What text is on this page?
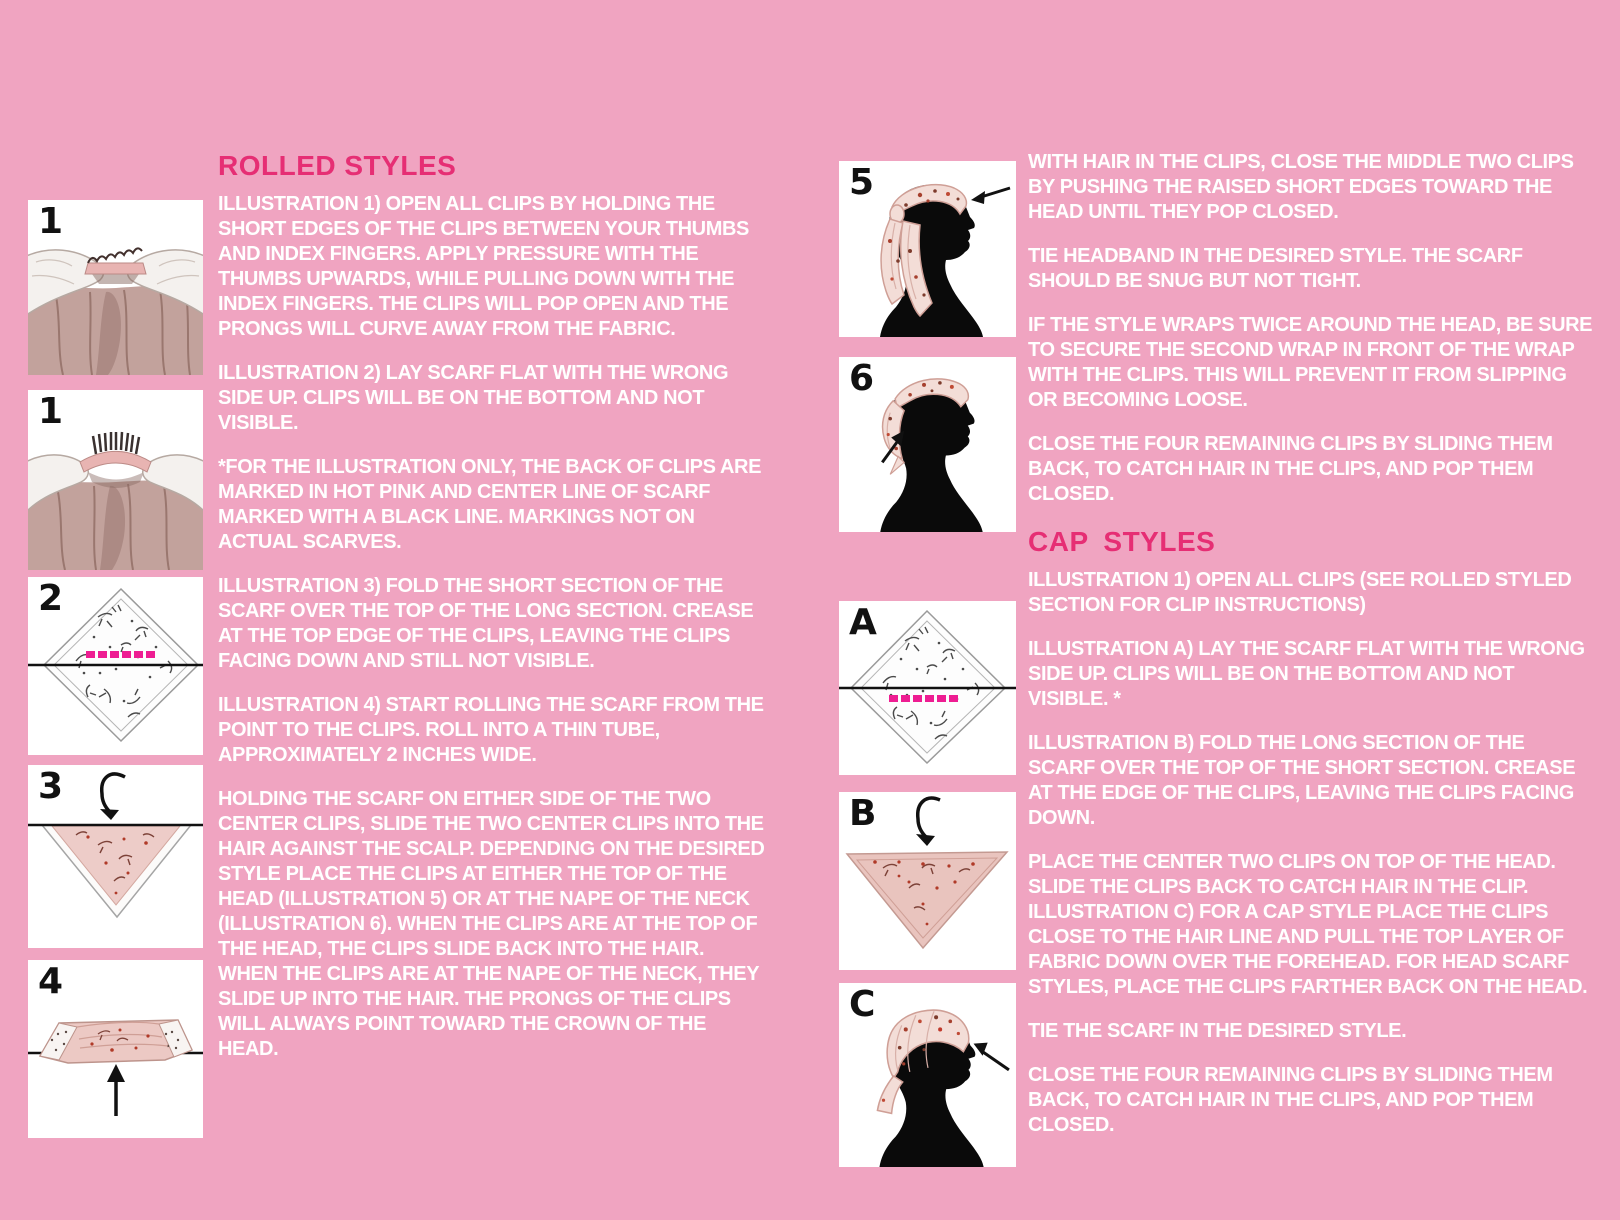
1
1
2
3
4
ROLLED STYLES

ILLUSTRATION 1) OPEN ALL CLIPS BY HOLDING THE SHORT EDGES OF THE CLIPS BETWEEN YOUR THUMBS AND INDEX FINGERS. APPLY PRESSURE WITH THE THUMBS UPWARDS, WHILE PULLING DOWN WITH THE INDEX FINGERS. THE CLIPS WILL POP OPEN AND THE PRONGS WILL CURVE AWAY FROM THE FABRIC.

ILLUSTRATION 2) LAY SCARF FLAT WITH THE WRONG SIDE UP. CLIPS WILL BE ON THE BOTTOM AND NOT VISIBLE.

*FOR THE ILLUSTRATION ONLY, THE BACK OF CLIPS ARE MARKED IN HOT PINK AND CENTER LINE OF SCARF MARKED WITH A BLACK LINE. MARKINGS NOT ON ACTUAL SCARVES.

ILLUSTRATION 3) FOLD THE SHORT SECTION OF THE SCARF OVER THE TOP OF THE LONG SECTION. CREASE AT THE TOP EDGE OF THE CLIPS, LEAVING THE CLIPS FACING DOWN AND STILL NOT VISIBLE.

ILLUSTRATION 4) START ROLLING THE SCARF FROM THE POINT TO THE CLIPS. ROLL INTO A THIN TUBE, APPROXIMATELY 2 INCHES WIDE.

HOLDING THE SCARF ON EITHER SIDE OF THE TWO CENTER CLIPS, SLIDE THE TWO CENTER CLIPS INTO THE HAIR AGAINST THE SCALP. DEPENDING ON THE DESIRED STYLE PLACE THE CLIPS AT EITHER THE TOP OF THE HEAD (ILLUSTRATION 5) OR AT THE NAPE OF THE NECK (ILLUSTRATION 6). WHEN THE CLIPS ARE AT THE TOP OF THE HEAD, THE CLIPS SLIDE BACK INTO THE HAIR. WHEN THE CLIPS ARE AT THE NAPE OF THE NECK, THEY SLIDE UP INTO THE HAIR. THE PRONGS OF THE CLIPS WILL ALWAYS POINT TOWARD THE CROWN OF THE HEAD.

5
6
A
B
C

WITH HAIR IN THE CLIPS, CLOSE THE MIDDLE TWO CLIPS BY PUSHING THE RAISED SHORT EDGES TOWARD THE HEAD UNTIL THEY POP CLOSED.

TIE HEADBAND IN THE DESIRED STYLE. THE SCARF SHOULD BE SNUG BUT NOT TIGHT.

IF THE STYLE WRAPS TWICE AROUND THE HEAD, BE SURE TO SECURE THE SECOND WRAP IN FRONT OF THE WRAP WITH THE CLIPS. THIS WILL PREVENT IT FROM SLIPPING OR BECOMING LOOSE.

CLOSE THE FOUR REMAINING CLIPS BY SLIDING THEM BACK, TO CATCH HAIR IN THE CLIPS, AND POP THEM CLOSED.

CAP STYLES

ILLUSTRATION 1) OPEN ALL CLIPS (SEE ROLLED STYLED SECTION FOR CLIP INSTRUCTIONS)

ILLUSTRATION A) LAY THE SCARF FLAT WITH THE WRONG SIDE UP. CLIPS WILL BE ON THE BOTTOM AND NOT VISIBLE. *

ILLUSTRATION B) FOLD THE LONG SECTION OF THE SCARF OVER THE TOP OF THE SHORT SECTION. CREASE AT THE EDGE OF THE CLIPS, LEAVING THE CLIPS FACING DOWN.

PLACE THE CENTER TWO CLIPS ON TOP OF THE HEAD. SLIDE THE CLIPS BACK TO CATCH HAIR IN THE CLIP. ILLUSTRATION C) FOR A CAP STYLE PLACE THE CLIPS CLOSE TO THE HAIR LINE AND PULL THE TOP LAYER OF FABRIC DOWN OVER THE FOREHEAD. FOR HEAD SCARF STYLES, PLACE THE CLIPS FARTHER BACK ON THE HEAD.

TIE THE SCARF IN THE DESIRED STYLE.

CLOSE THE FOUR REMAINING CLIPS BY SLIDING THEM BACK, TO CATCH HAIR IN THE CLIPS, AND POP THEM CLOSED.
